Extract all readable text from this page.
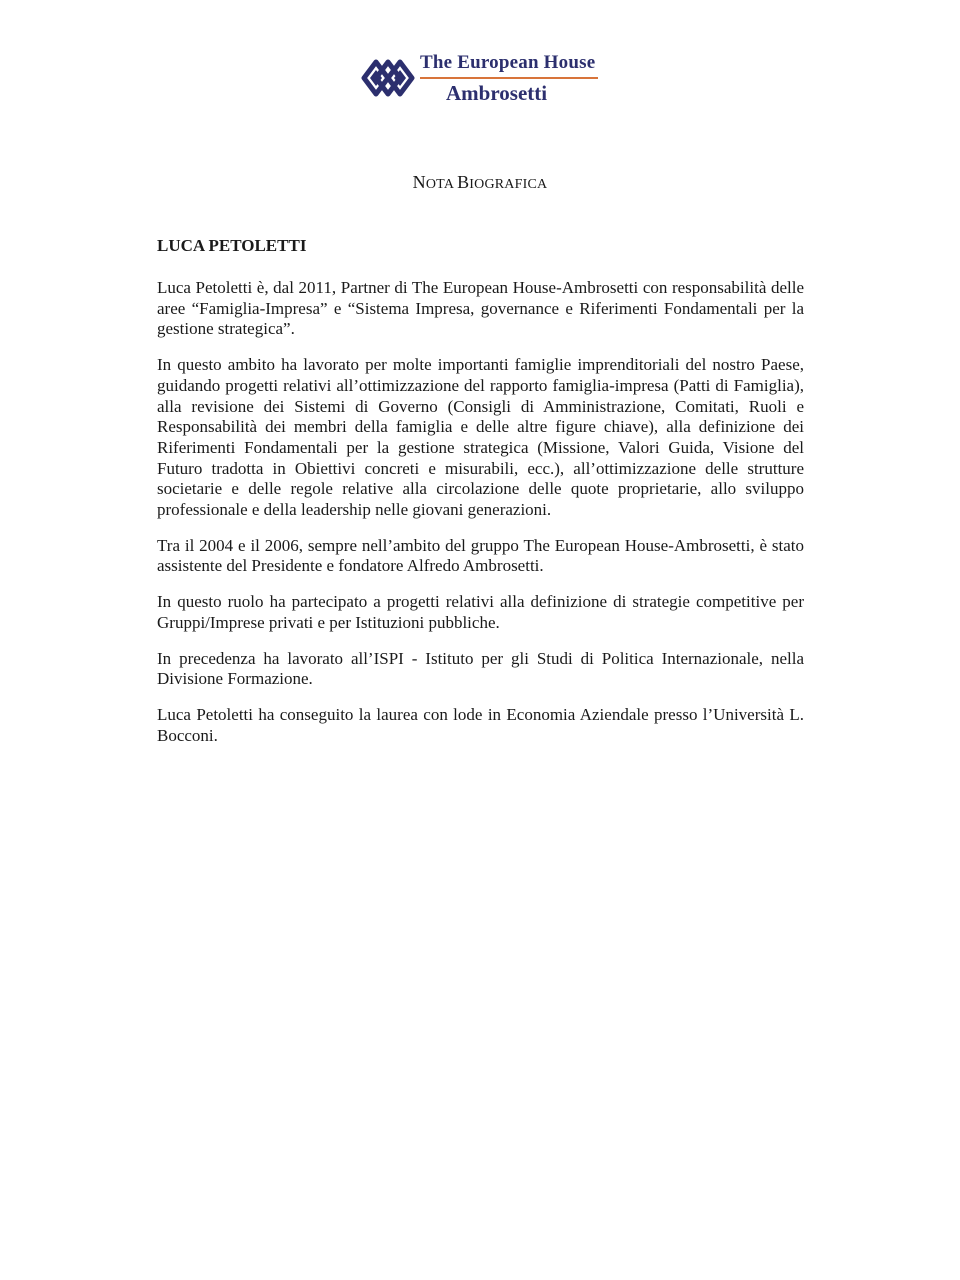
The European House
Ambrosetti
NOTA BIOGRAFICA
LUCA PETOLETTI

Luca Petoletti è, dal 2011, Partner di The European House-Ambrosetti con responsabilità delle aree “Famiglia-Impresa” e “Sistema Impresa, governance e Riferimenti Fondamentali per la gestione strategica”.

In questo ambito ha lavorato per molte importanti famiglie imprenditoriali del nostro Paese, guidando progetti relativi all’ottimizzazione del rapporto famiglia-impresa (Patti di Famiglia), alla revisione dei Sistemi di Governo (Consigli di Amministrazione, Comitati, Ruoli e Responsabilità dei membri della famiglia e delle altre figure chiave), alla definizione dei Riferimenti Fondamentali per la gestione strategica (Missione, Valori Guida, Visione del Futuro tradotta in Obiettivi concreti e misurabili, ecc.), all’ottimizzazione delle strutture societarie e delle regole relative alla circolazione delle quote proprietarie, allo sviluppo professionale e della leadership nelle giovani generazioni.

Tra il 2004 e il 2006, sempre nell’ambito del gruppo The European House-Ambrosetti, è stato assistente del Presidente e fondatore Alfredo Ambrosetti.

In questo ruolo ha partecipato a progetti relativi alla definizione di strategie competitive per Gruppi/Imprese privati e per Istituzioni pubbliche.

In precedenza ha lavorato all’ISPI - Istituto per gli Studi di Politica Internazionale, nella Divisione Formazione.

Luca Petoletti ha conseguito la laurea con lode in Economia Aziendale presso l’Università L. Bocconi.
